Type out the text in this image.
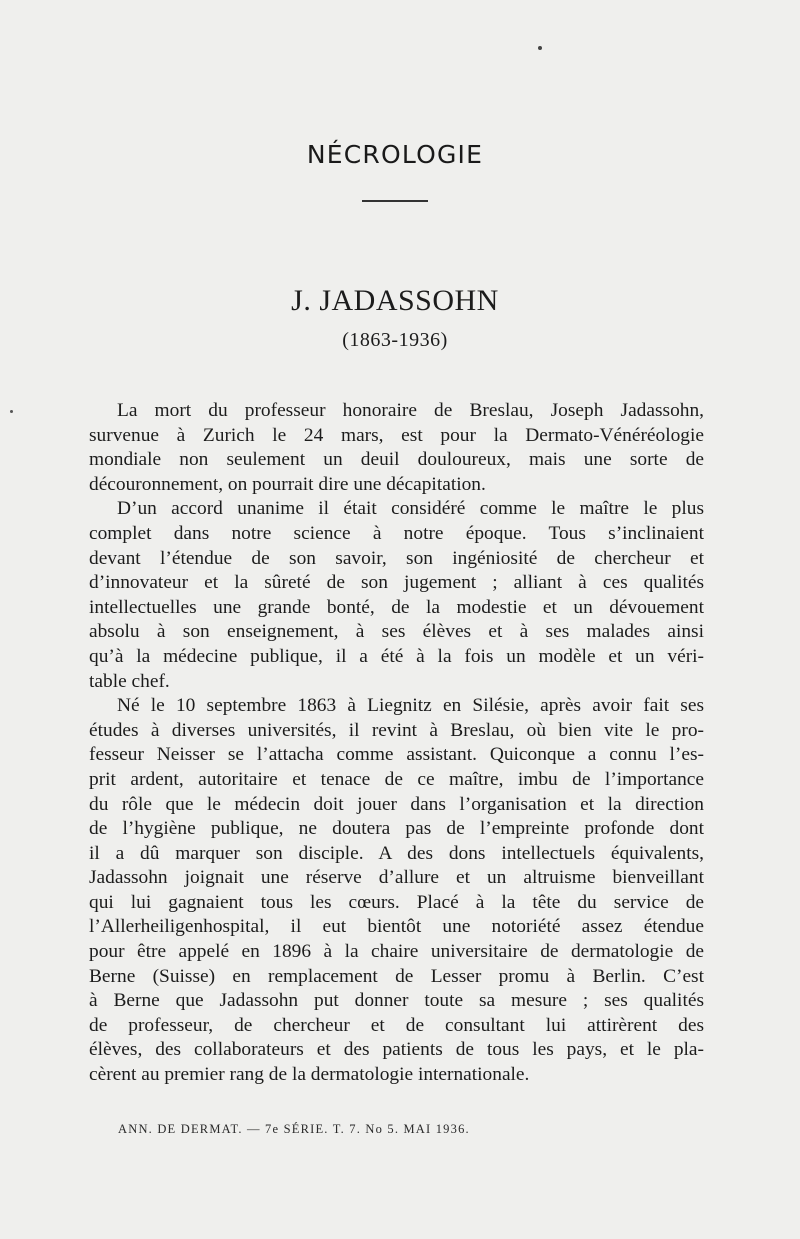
NÉCROLOGIE
J. JADASSOHN
(1863-1936)
La mort du professeur honoraire de Breslau, Joseph Jadassohn,
survenue à Zurich le 24 mars, est pour la Dermato-Vénéréologie
mondiale non seulement un deuil douloureux, mais une sorte de
découronnement, on pourrait dire une décapitation.
D’un accord unanime il était considéré comme le maître le plus
complet dans notre science à notre époque. Tous s’inclinaient
devant l’étendue de son savoir, son ingéniosité de chercheur et
d’innovateur et la sûreté de son jugement ; alliant à ces qualités
intellectuelles une grande bonté, de la modestie et un dévouement
absolu à son enseignement, à ses élèves et à ses malades ainsi
qu’à la médecine publique, il a été à la fois un modèle et un véri-
table chef.
Né le 10 septembre 1863 à Liegnitz en Silésie, après avoir fait ses
études à diverses universités, il revint à Breslau, où bien vite le pro-
fesseur Neisser se l’attacha comme assistant. Quiconque a connu l’es-
prit ardent, autoritaire et tenace de ce maître, imbu de l’importance
du rôle que le médecin doit jouer dans l’organisation et la direction
de l’hygiène publique, ne doutera pas de l’empreinte profonde dont
il a dû marquer son disciple. A des dons intellectuels équivalents,
Jadassohn joignait une réserve d’allure et un altruisme bienveillant
qui lui gagnaient tous les cœurs. Placé à la tête du service de
l’Allerheiligenhospital, il eut bientôt une notoriété assez étendue
pour être appelé en 1896 à la chaire universitaire de dermatologie de
Berne (Suisse) en remplacement de Lesser promu à Berlin. C’est
à Berne que Jadassohn put donner toute sa mesure ; ses qualités
de professeur, de chercheur et de consultant lui attirèrent des
élèves, des collaborateurs et des patients de tous les pays, et le pla-
cèrent au premier rang de la dermatologie internationale.
ANN. DE DERMAT. — 7e SÉRIE. T. 7. No 5. MAI 1936.
